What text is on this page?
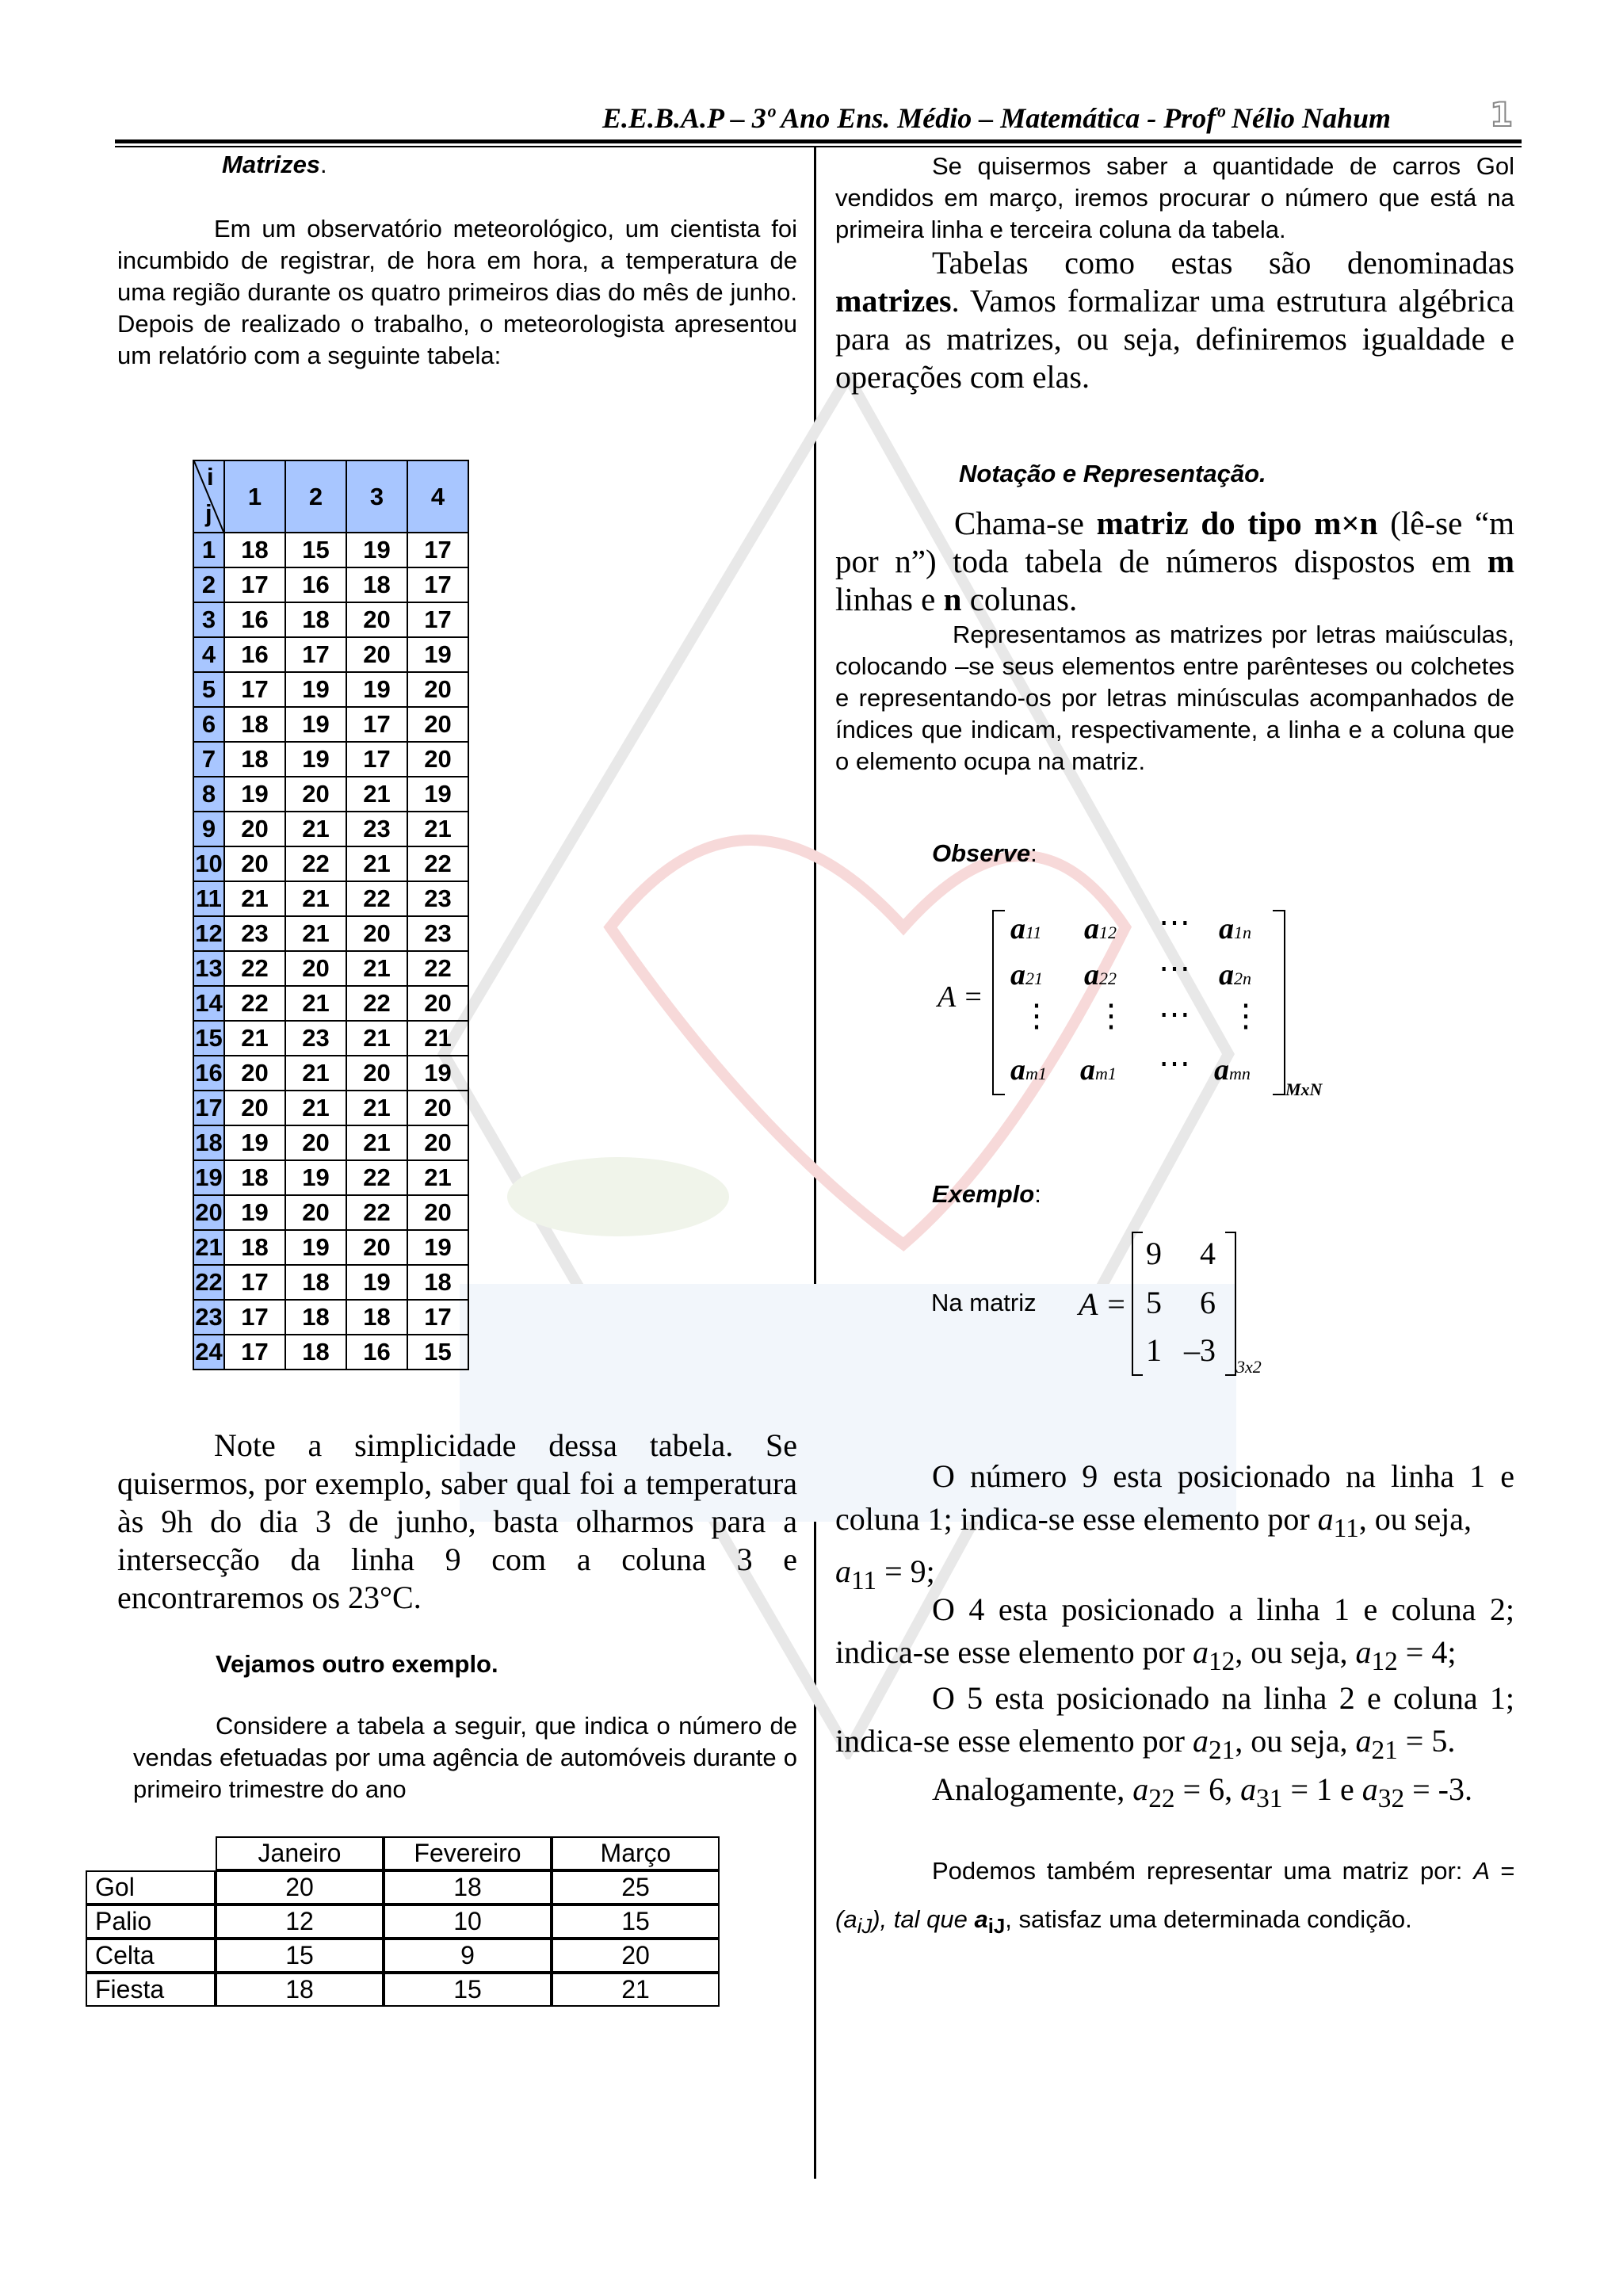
E.E.B.A.P – 3º Ano Ens. Médio – Matemática - Profº Nélio Nahum	1
Matrizes.
Em um observatório meteorológico, um cientista foi incumbido de registrar, de hora em hora, a temperatura de uma região durante os quatro primeiros dias do mês de junho. Depois de realizado o trabalho, o meteorologista apresentou um relatório com a seguinte tabela:
i
j	1	2	3	4
1	18	15	19	17
2	17	16	18	17
3	16	18	20	17
4	16	17	20	19
5	17	19	19	20
6	18	19	17	20
7	18	19	17	20
8	19	20	21	19
9	20	21	23	21
10	20	22	21	22
11	21	21	22	23
12	23	21	20	23
13	22	20	21	22
14	22	21	22	20
15	21	23	21	21
16	20	21	20	19
17	20	21	21	20
18	19	20	21	20
19	18	19	22	21
20	19	20	22	20
21	18	19	20	19
22	17	18	19	18
23	17	18	18	17
24	17	18	16	15
Note a simplicidade dessa tabela. Se quisermos, por exemplo, saber qual foi a temperatura às 9h do dia 3 de junho, basta olharmos para a intersecção da linha 9 com a coluna 3 e encontraremos os 23°C.
Vejamos outro exemplo.
Considere a tabela a seguir, que indica o número de vendas efetuadas por uma agência de automóveis durante o primeiro trimestre do ano
	Janeiro	Fevereiro	Março
Gol	20	18	25
Palio	12	10	15
Celta	15	9	20
Fiesta	18	15	21
Se quisermos saber a quantidade de carros Gol vendidos em março, iremos procurar o número que está na primeira linha e terceira coluna da tabela.
Tabelas como estas são denominadas matrizes. Vamos formalizar uma estrutura algébrica para as matrizes, ou seja, definiremos igualdade e operações com elas.
Notação e Representação.
Chama-se matriz do tipo m×n (lê-se “m por n”) toda tabela de números dispostos em m linhas e n colunas.
Representamos as matrizes por letras maiúsculas, colocando –se seus elementos entre parênteses ou colchetes e representando-os por letras minúsculas acompanhados de índices que indicam, respectivamente, a linha e a coluna que o elemento ocupa na matriz.
Observe:
A =
a11 a12 ⋯ a1n
a21 a22 ⋯ a2n
⋮ ⋮ ⋯ ⋮
am1 am1 ⋯ amn
MxN
Exemplo:
Na matriz A =
9 4
5 6
1 –3 3x2
O número 9 esta posicionado na linha 1 e coluna 1; indica-se esse elemento por $a_{11}$, ou seja,
$a_{11} = 9$;
O 4 esta posicionado a linha 1 e coluna 2; indica-se esse elemento por $a_{12}$, ou seja, $a_{12} = 4$;
O 5 esta posicionado na linha 2 e coluna 1; indica-se esse elemento por $a_{21}$, ou seja, $a_{21} = 5$.
Analogamente, $a_{22} = 6$, $a_{31} = 1$ e $a_{32} = -3$.
Podemos também representar uma matriz por: $A = (a_{iJ})$, tal que $a_{iJ}$, satisfaz uma determinada condição.
